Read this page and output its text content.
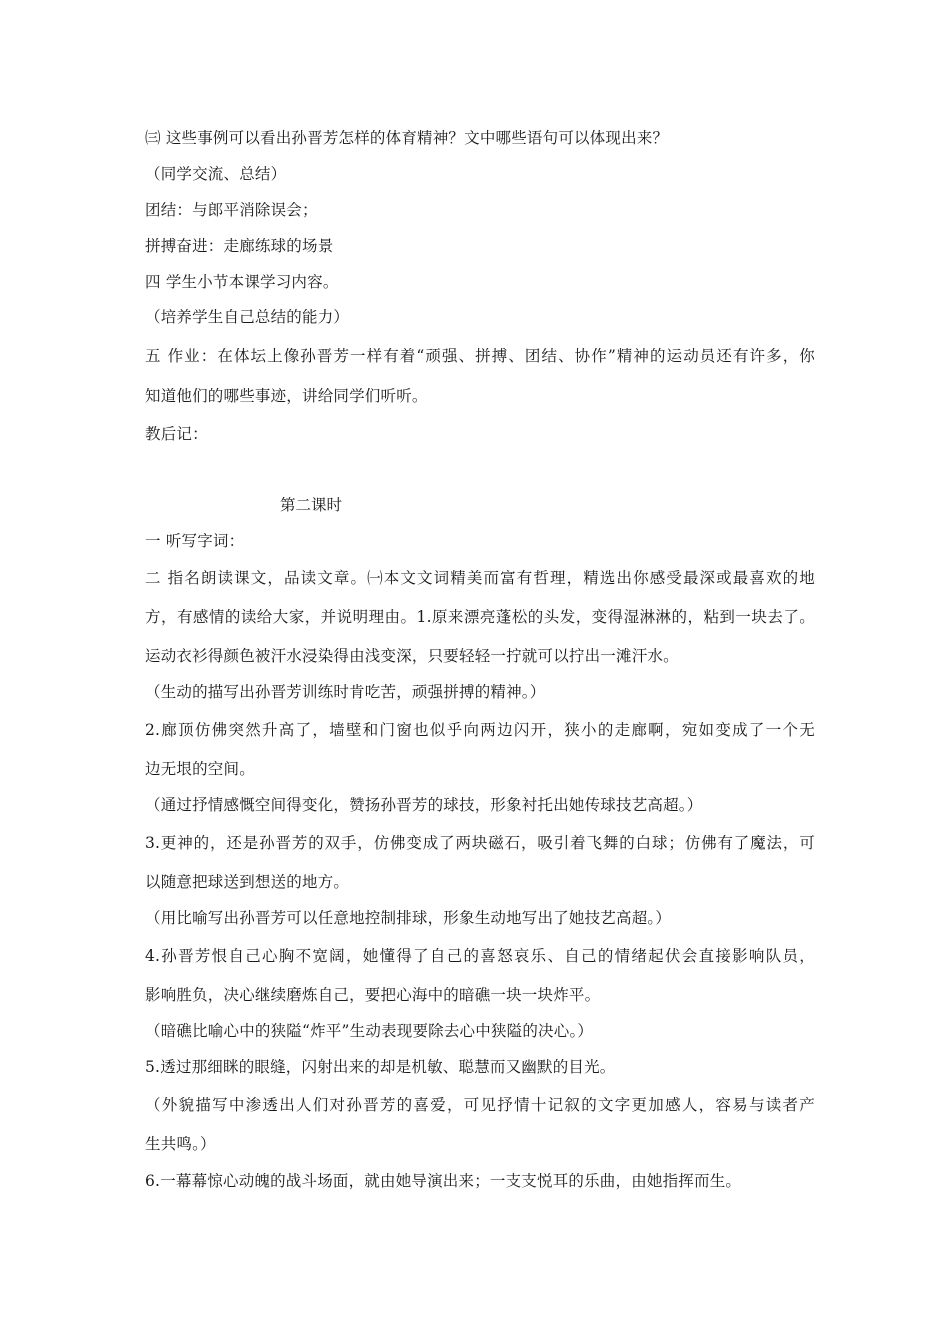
㈢ 这些事例可以看出孙晋芳怎样的体育精神？文中哪些语句可以体现出来？
（同学交流、总结）
团结：与郎平消除误会；
拼搏奋进：走廊练球的场景
四 学生小节本课学习内容。
（培养学生自己总结的能力）
五 作业：在体坛上像孙晋芳一样有着“顽强、拼搏、团结、协作”精神的运动员还有许多，你
知道他们的哪些事迹，讲给同学们听听。
教后记：
第二课时
一 听写字词：
二 指名朗读课文，品读文章。㈠本文文词精美而富有哲理，精选出你感受最深或最喜欢的地
方，有感情的读给大家，并说明理由。1.原来漂亮蓬松的头发，变得湿淋淋的，粘到一块去了。
运动衣衫得颜色被汗水浸染得由浅变深，只要轻轻一拧就可以拧出一滩汗水。
（生动的描写出孙晋芳训练时肯吃苦，顽强拼搏的精神。）
2.廊顶仿佛突然升高了，墙壁和门窗也似乎向两边闪开，狭小的走廊啊，宛如变成了一个无
边无垠的空间。
（通过抒情感慨空间得变化，赞扬孙晋芳的球技，形象衬托出她传球技艺高超。）
3.更神的，还是孙晋芳的双手，仿佛变成了两块磁石，吸引着飞舞的白球；仿佛有了魔法，可
以随意把球送到想送的地方。
（用比喻写出孙晋芳可以任意地控制排球，形象生动地写出了她技艺高超。）
4.孙晋芳恨自己心胸不宽阔，她懂得了自己的喜怒哀乐、自己的情绪起伏会直接影响队员，
影响胜负，决心继续磨炼自己，要把心海中的暗礁一块一块炸平。
（暗礁比喻心中的狭隘“炸平”生动表现要除去心中狭隘的决心。）
5.透过那细眯的眼缝，闪射出来的却是机敏、聪慧而又幽默的目光。
（外貌描写中渗透出人们对孙晋芳的喜爱，可见抒情十记叙的文字更加感人，容易与读者产
生共鸣。）
6.一幕幕惊心动魄的战斗场面，就由她导演出来；一支支悦耳的乐曲，由她指挥而生。
